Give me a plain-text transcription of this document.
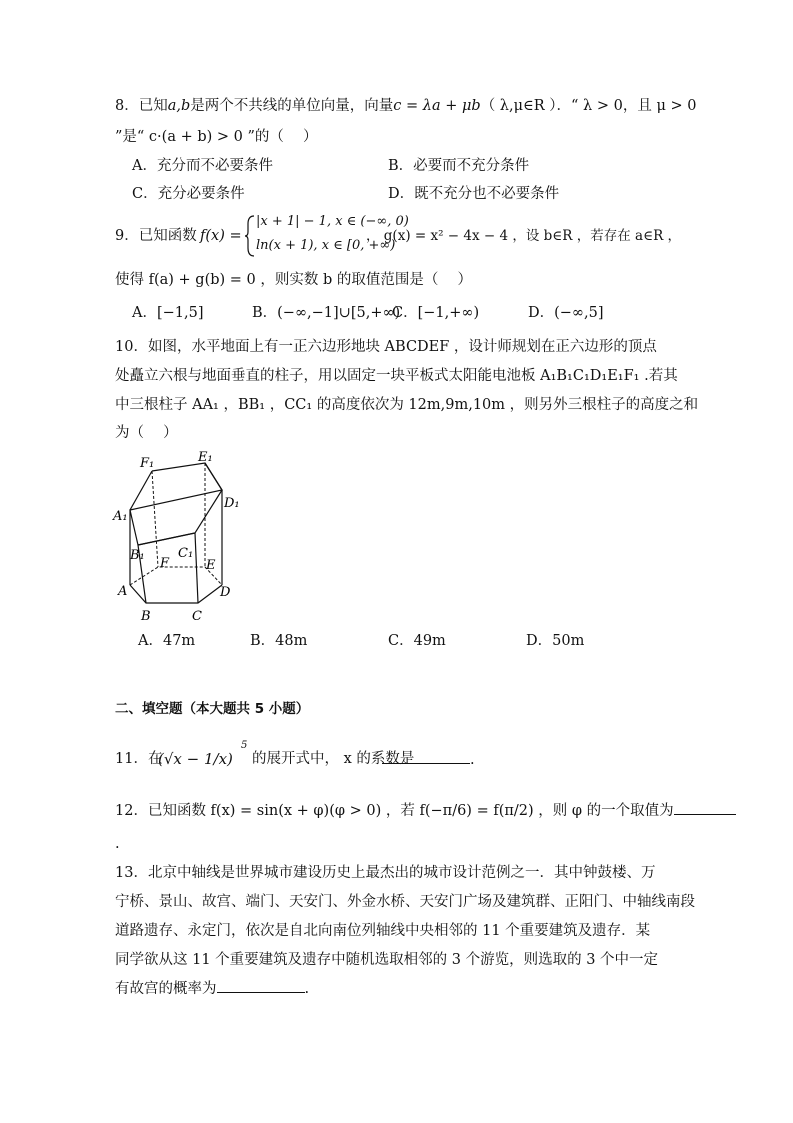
8．已知a,b是两个不共线的单位向量，向量c = λa + μb（ λ,μ∈R ）．“ λ > 0，且 μ > 0
”是“ c·(a + b) > 0 ”的（　 ）
A．充分而不必要条件	B．必要而不充分条件
C．充分必要条件	D．既不充分也不必要条件
9．已知函数 f(x) =
|x + 1| − 1, x ∈ (−∞, 0)
ln(x + 1), x ∈ [0, +∞)
， g(x) = x² − 4x − 4 ，设 b∈R ，若存在 a∈R ，
使得 f(a) + g(b) = 0 ，则实数 b 的取值范围是（　 ）
A．[−1,5]	B．(−∞,−1]∪[5,+∞)
C．[−1,+∞)	D．(−∞,5]
10．如图，水平地面上有一正六边形地块 ABCDEF ，设计师规划在正六边形的顶点
处矗立六根与地面垂直的柱子，用以固定一块平板式太阳能电池板 A₁B₁C₁D₁E₁F₁ .若其
中三根柱子 AA₁ ，BB₁ ，CC₁ 的高度依次为 12m,9m,10m ，则另外三根柱子的高度之和
为（　 ）
F₁	E₁
A₁
D₁
B₁	C₁
F	E
A	D
B	C
A．47m	B．48m	C．49m	D．50m
二、填空题（本大题共 5 小题）
11．在
(√x − 1/x)
5
的展开式中， x 的系数是	.
12．已知函数 f(x) = sin(x + φ)(φ > 0) ，若 f(−π/6) = f(π/2) ，则 φ 的一个取值为
.
13．北京中轴线是世界城市建设历史上最杰出的城市设计范例之一．其中钟鼓楼、万
宁桥、景山、故宫、端门、天安门、外金水桥、天安门广场及建筑群、正阳门、中轴线南段
道路遗存、永定门，依次是自北向南位列轴线中央相邻的 11 个重要建筑及遗存．某
同学欲从这 11 个重要建筑及遗存中随机选取相邻的 3 个游览，则选取的 3 个中一定
有故宫的概率为	.
